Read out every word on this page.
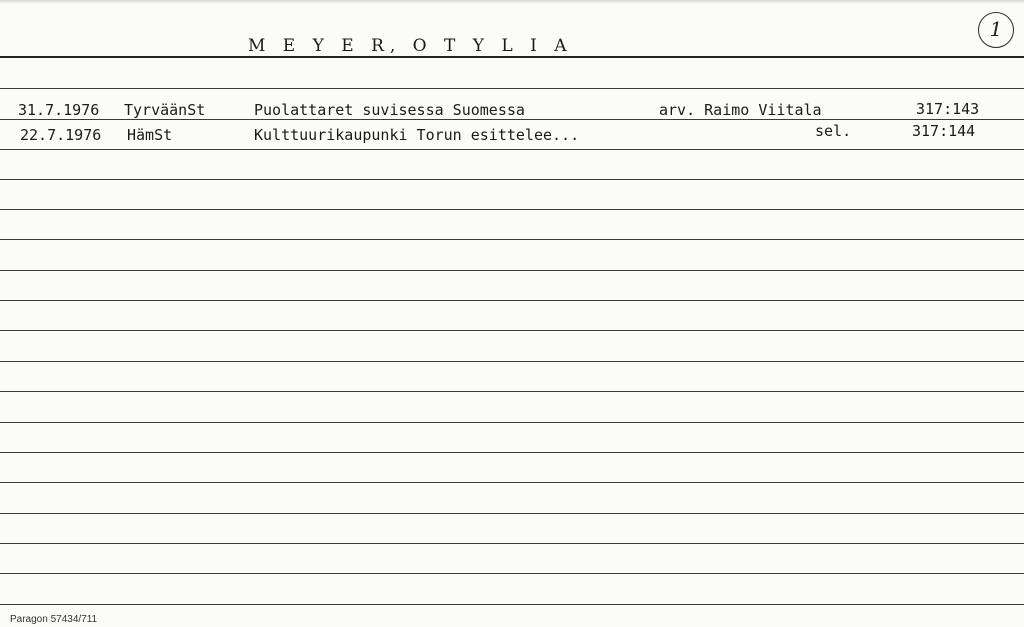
M E Y E R, O T Y L I A
1
31.7.1976 TyrväänSt	Puolattaret suvisessa Suomessa	arv. Raimo Viitala	317:143
22.7.1976 HämSt	Kulttuurikaupunki Torun esittelee...	sel.	317:144
Paragon 57434/711
